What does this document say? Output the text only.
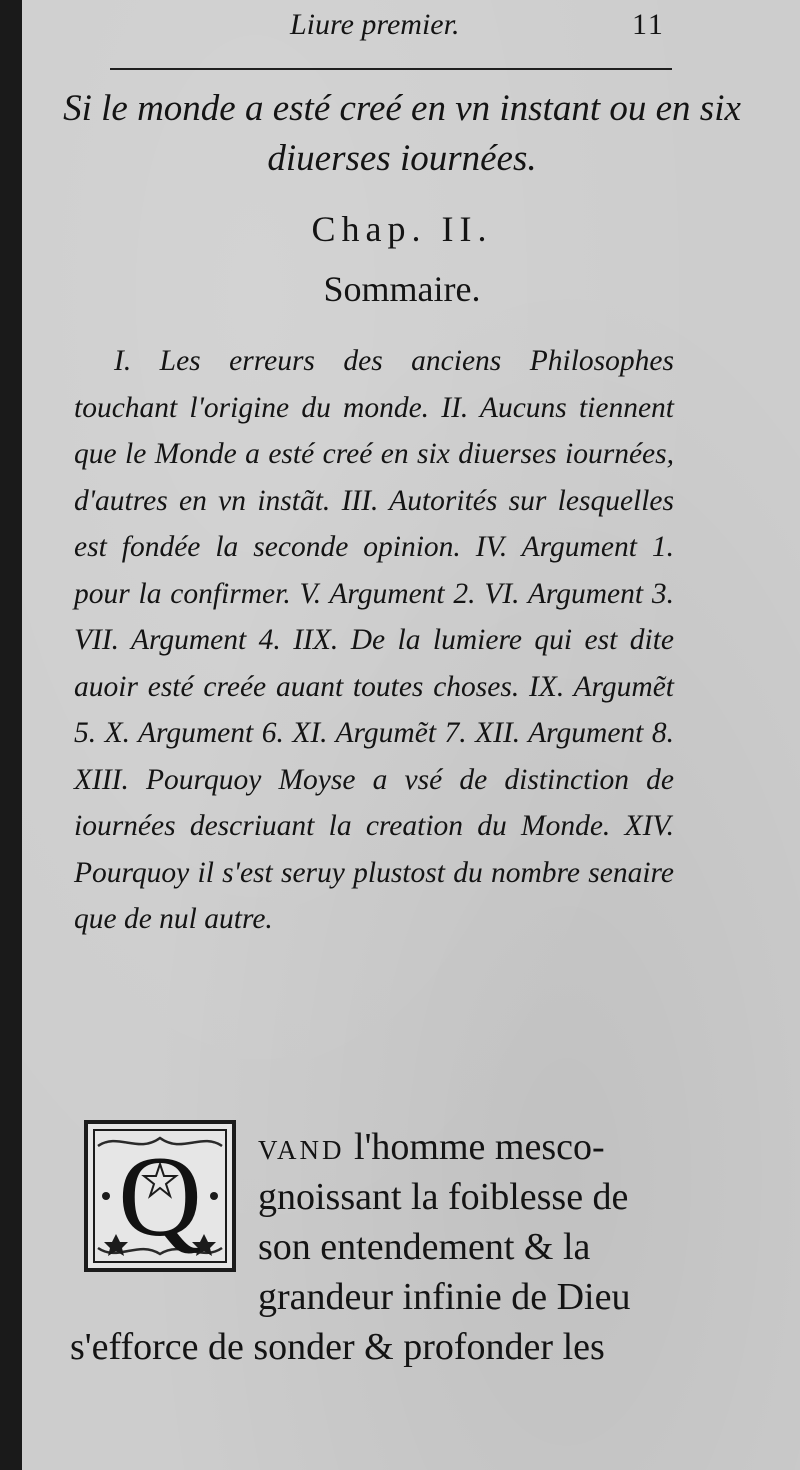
Liure premier.	11
Si le monde a esté creé en vn instant ou en six diuerses iournées.
Chap. II.
Sommaire.

I. Les erreurs des anciens Philosophes touchant l'origine du monde. II. Aucuns tiennent que le Monde a esté creé en six diuerses iournées, d'autres en vn instãt. III. Autorités sur lesquelles est fondée la seconde opinion. IV. Argument 1. pour la confirmer. V. Argument 2. VI. Argument 3. VII. Argument 4. IIX. De la lumiere qui est dite auoir esté creée auant toutes choses. IX. Argumẽt 5. X. Argument 6. XI. Argumẽt 7. XII. Argument 8. XIII. Pourquoy Moyse a vsé de distinction de iournées descriuant la creation du Monde. XIV. Pourquoy il s'est seruy plustost du nombre senaire que de nul autre.

Q	vand l'homme mesco-
gnoissant la foiblesse de
son entendement & la
grandeur infinie de Dieu
s'efforce de sonder & profonder les
